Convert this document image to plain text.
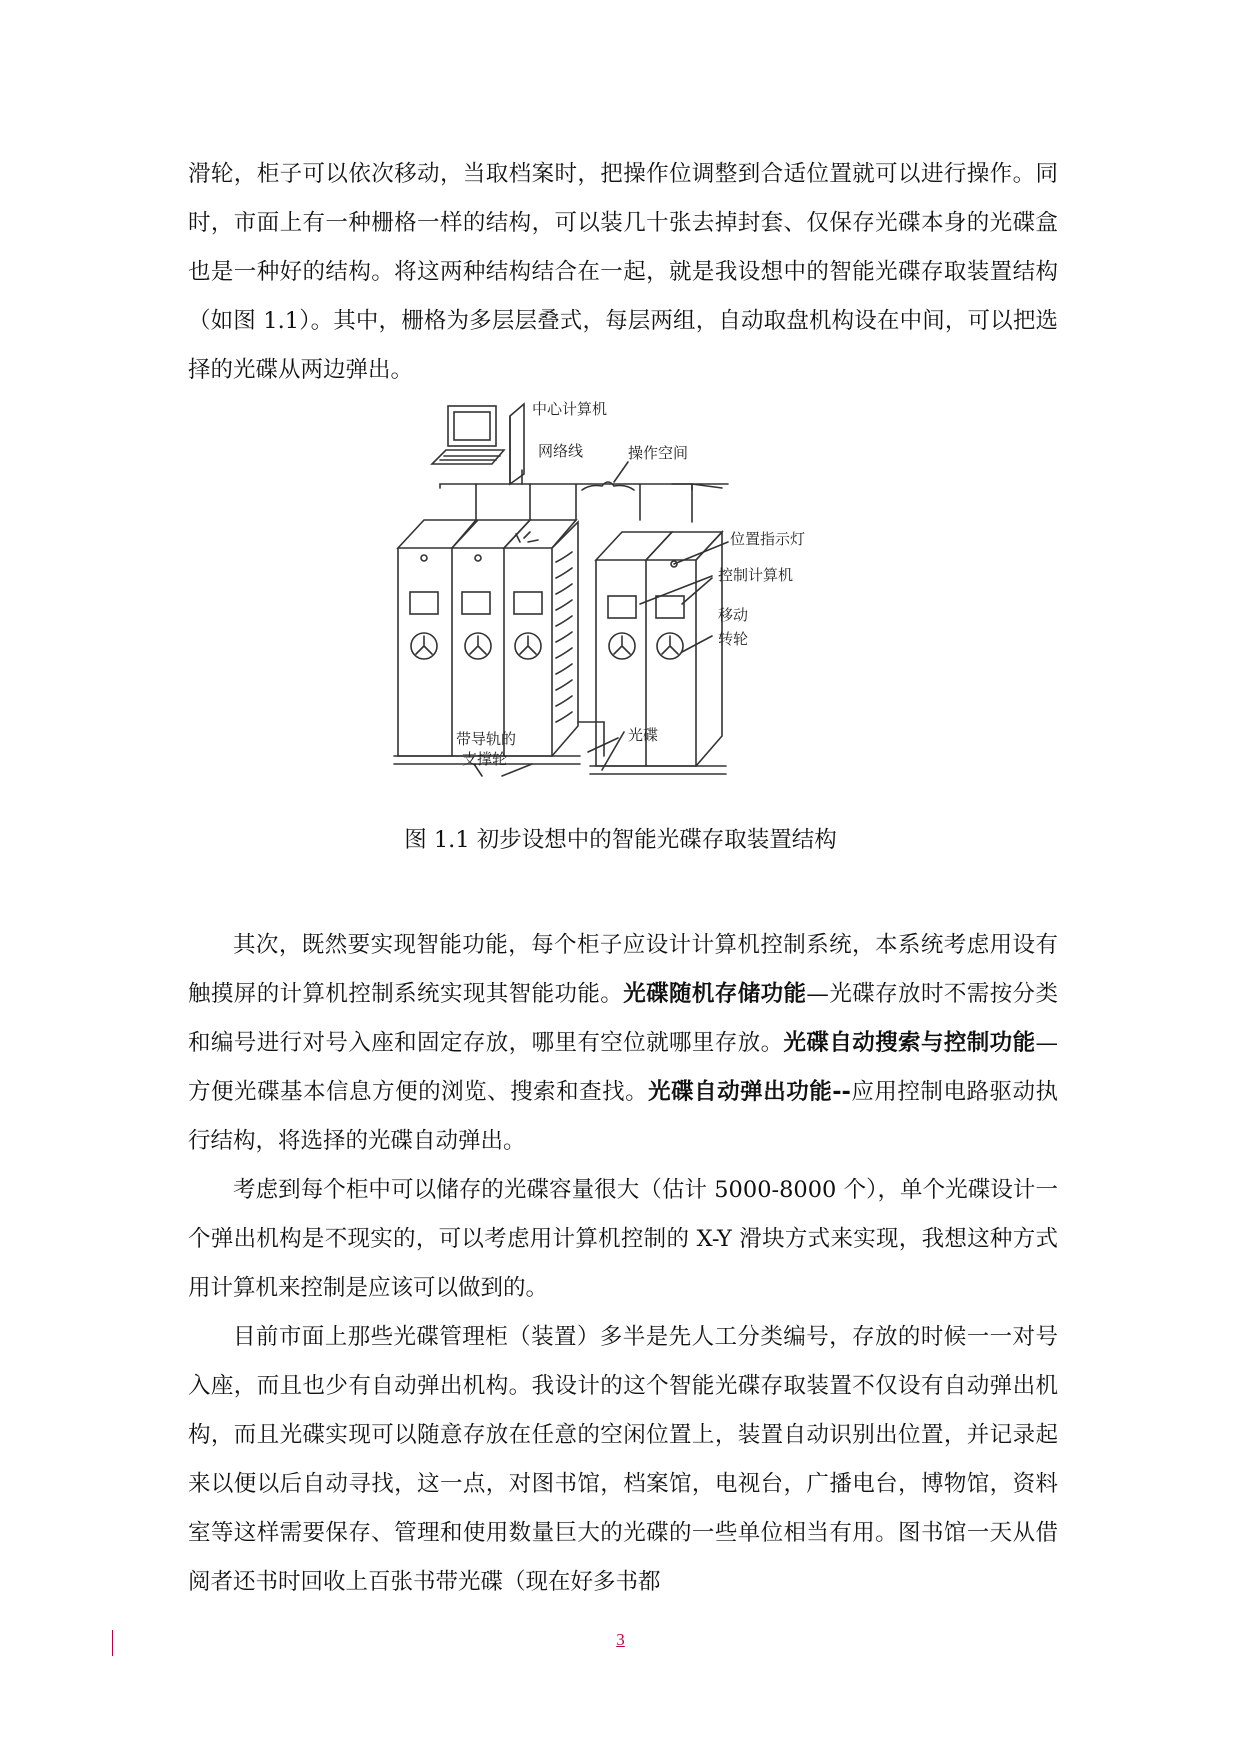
滑轮，柜子可以依次移动，当取档案时，把操作位调整到合适位置就可以进行操作。同时，市面上有一种栅格一样的结构，可以装几十张去掉封套、仅保存光碟本身的光碟盒也是一种好的结构。将这两种结构结合在一起，就是我设想中的智能光碟存取装置结构（如图 1.1）。其中，栅格为多层层叠式，每层两组，自动取盘机构设在中间，可以把选择的光碟从两边弹出。

中心计算机
网络线	操作空间
位置指示灯
控制计算机
移动
转轮
带导轨的
支撑轮
光碟
图 1.1 初步设想中的智能光碟存取装置结构

其次，既然要实现智能功能，每个柜子应设计计算机控制系统，本系统考虑用设有触摸屏的计算机控制系统实现其智能功能。光碟随机存储功能—光碟存放时不需按分类和编号进行对号入座和固定存放，哪里有空位就哪里存放。光碟自动搜索与控制功能—方便光碟基本信息方便的浏览、搜索和查找。光碟自动弹出功能--应用控制电路驱动执行结构，将选择的光碟自动弹出。

考虑到每个柜中可以储存的光碟容量很大（估计 5000-8000 个），单个光碟设计一个弹出机构是不现实的，可以考虑用计算机控制的 X-Y 滑块方式来实现，我想这种方式用计算机来控制是应该可以做到的。

目前市面上那些光碟管理柜（装置）多半是先人工分类编号，存放的时候一一对号入座，而且也少有自动弹出机构。我设计的这个智能光碟存取装置不仅设有自动弹出机构，而且光碟实现可以随意存放在任意的空闲位置上，装置自动识别出位置，并记录起来以便以后自动寻找，这一点，对图书馆，档案馆，电视台，广播电台，博物馆，资料室等这样需要保存、管理和使用数量巨大的光碟的一些单位相当有用。图书馆一天从借阅者还书时回收上百张书带光碟（现在好多书都

3
